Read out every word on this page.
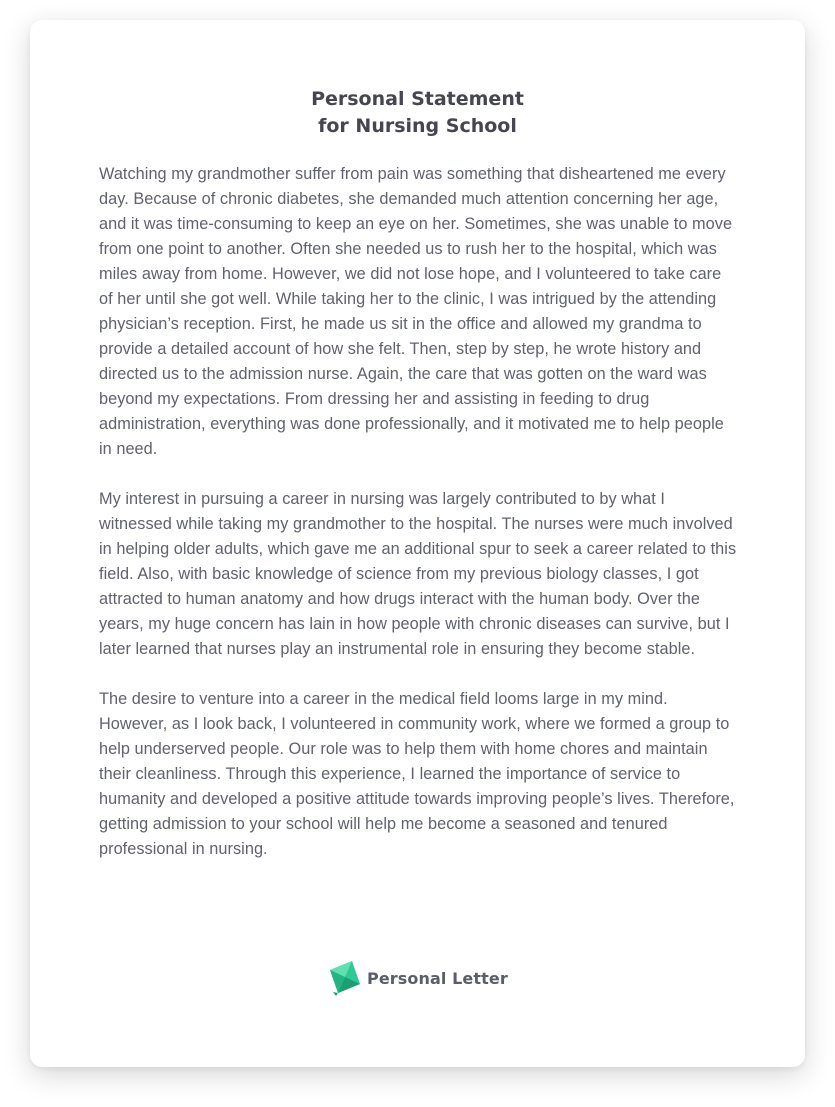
Personal Statement
for Nursing School

Watching my grandmother suffer from pain was something that disheartened me every day. Because of chronic diabetes, she demanded much attention concerning her age, and it was time-consuming to keep an eye on her. Sometimes, she was unable to move from one point to another. Often she needed us to rush her to the hospital, which was miles away from home. However, we did not lose hope, and I volunteered to take care of her until she got well. While taking her to the clinic, I was intrigued by the attending physician’s reception. First, he made us sit in the office and allowed my grandma to provide a detailed account of how she felt. Then, step by step, he wrote history and directed us to the admission nurse. Again, the care that was gotten on the ward was beyond my expectations. From dressing her and assisting in feeding to drug administration, everything was done professionally, and it motivated me to help people in need.

My interest in pursuing a career in nursing was largely contributed to by what I witnessed while taking my grandmother to the hospital. The nurses were much involved in helping older adults, which gave me an additional spur to seek a career related to this field. Also, with basic knowledge of science from my previous biology classes, I got attracted to human anatomy and how drugs interact with the human body. Over the years, my huge concern has lain in how people with chronic diseases can survive, but I later learned that nurses play an instrumental role in ensuring they become stable.

The desire to venture into a career in the medical field looms large in my mind. However, as I look back, I volunteered in community work, where we formed a group to help underserved people. Our role was to help them with home chores and maintain their cleanliness. Through this experience, I learned the importance of service to humanity and developed a positive attitude towards improving people’s lives. Therefore, getting admission to your school will help me become a seasoned and tenured professional in nursing.

Personal Letter
